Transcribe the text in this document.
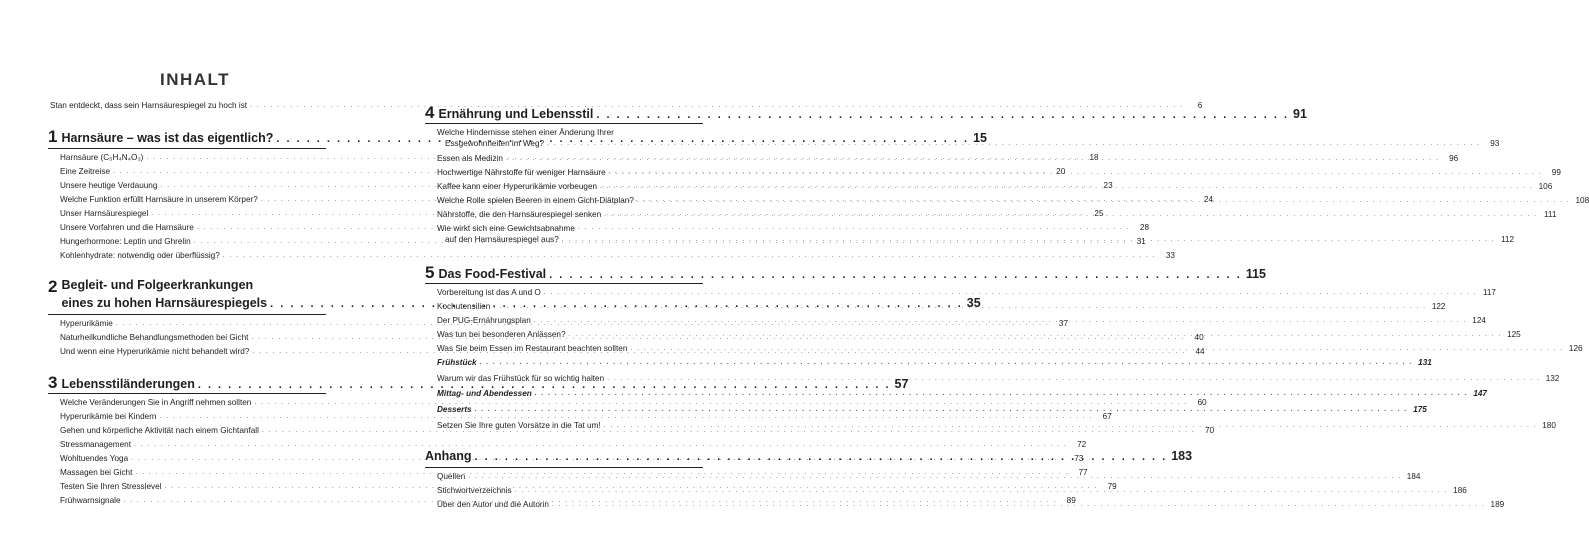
INHALT
Stan entdeckt, dass sein Harnsäurespiegel zu hoch ist . . .	6
1 Harnsäure – was ist das eigentlich? . . .	15
Harnsäure (C₅H₄N₄O₃) . . .	18
Eine Zeitreise . . .	20
Unsere heutige Verdauung . . .	23
Welche Funktion erfüllt Harnsäure in unserem Körper? . . .	24
Unser Harnsäurespiegel . . .	25
Unsere Vorfahren und die Harnsäure . . .	28
Hungerhormone: Leptin und Ghrelin . . .	31
Kohlenhydrate: notwendig oder überflüssig? . . .	33
2 Begleit- und Folgeerkrankungen
eines zu hohen Harnsäurespiegels . . .	35
Hyperurikämie . . .	37
Naturheilkundliche Behandlungsmethoden bei Gicht . . .	40
Und wenn eine Hyperurikämie nicht behandelt wird? . . .	44
3 Lebensstiländerungen . . .	57
Welche Veränderungen Sie in Angriff nehmen sollten . . .	60
Hyperurikämie bei Kindern . . .	67
Gehen und körperliche Aktivität nach einem Gichtanfall . . .	70
Stressmanagement . . .	72
Wohltuendes Yoga . . .	73
Massagen bei Gicht . . .	77
Testen Sie Ihren Stresslevel . . .	79
Frühwarnsignale . . .	89
4 Ernährung und Lebensstil . . .	91
Welche Hindernisse stehen einer Änderung Ihrer
Essgewohnheiten im Weg? . . .	93
Essen als Medizin . . .	96
Hochwertige Nährstoffe für weniger Harnsäure . . .	99
Kaffee kann einer Hyperurikämie vorbeugen . . .	106
Welche Rolle spielen Beeren in einem Gicht-Diätplan? . . .	108
Nährstoffe, die den Harnsäurespiegel senken . . .	111
Wie wirkt sich eine Gewichtsabnahme
auf den Harnsäurespiegel aus? . . .	112
5 Das Food-Festival . . .	115
Vorbereitung ist das A und O . . .	117
Kochutensilien . . .	122
Der PUG-Ernährungsplan . . .	124
Was tun bei besonderen Anlässen? . . .	125
Was Sie beim Essen im Restaurant beachten sollten . . .	126
Frühstück . . .	131
Warum wir das Frühstück für so wichtig halten . . .	132
Mittag- und Abendessen . . .	147
Desserts . . .	175
Setzen Sie Ihre guten Vorsätze in die Tat um! . . .	180
Anhang . . .	183
Quellen . . .	184
Stichwortverzeichnis . . .	186
Über den Autor und die Autorin . . .	189
